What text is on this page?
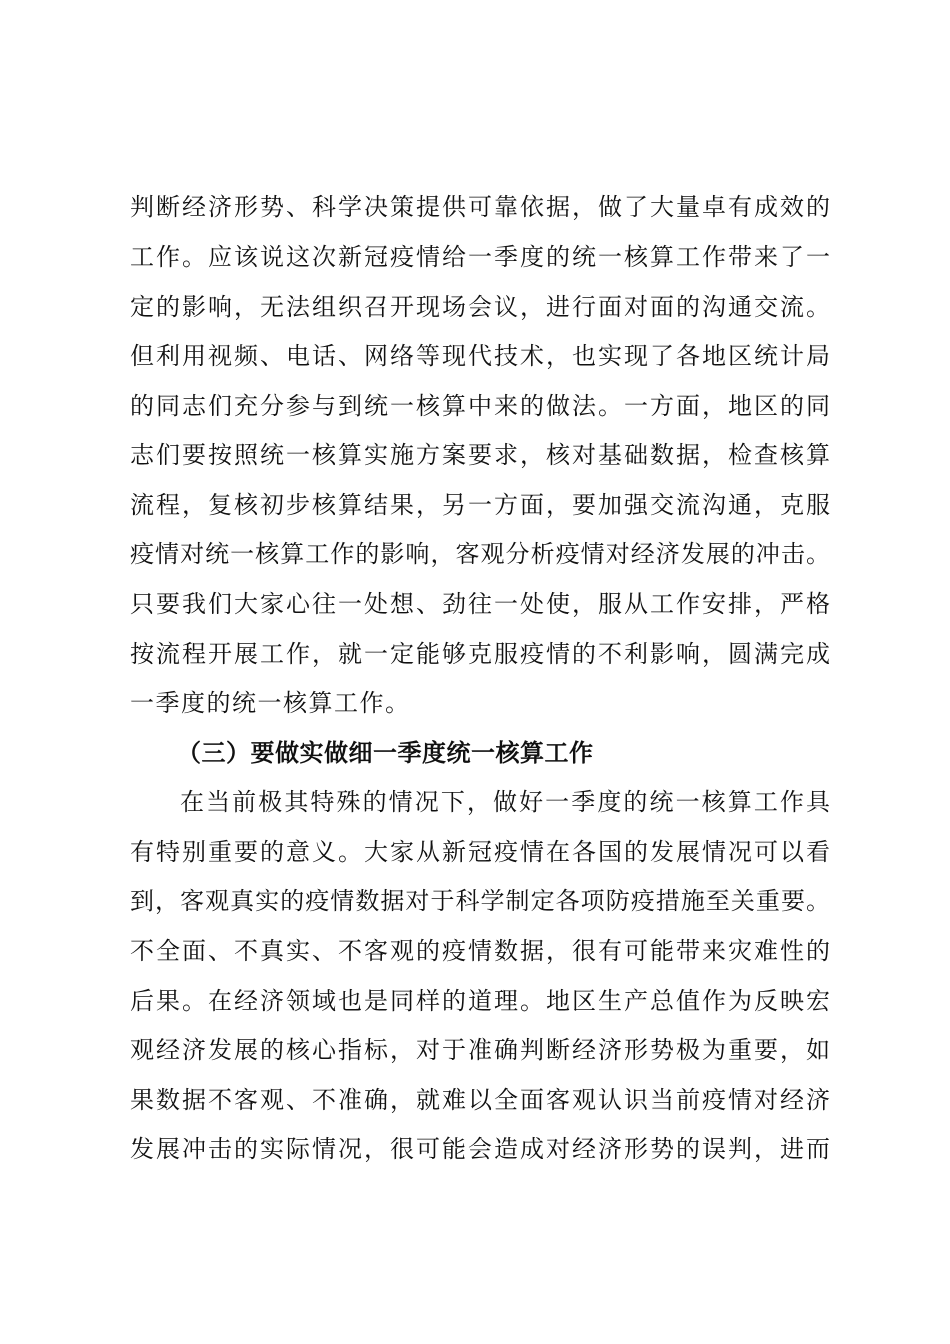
判断经济形势、科学决策提供可靠依据，做了大量卓有成效的
工作。应该说这次新冠疫情给一季度的统一核算工作带来了一
定的影响，无法组织召开现场会议，进行面对面的沟通交流。
但利用视频、电话、网络等现代技术，也实现了各地区统计局
的同志们充分参与到统一核算中来的做法。一方面，地区的同
志们要按照统一核算实施方案要求，核对基础数据，检查核算
流程，复核初步核算结果，另一方面，要加强交流沟通，克服
疫情对统一核算工作的影响，客观分析疫情对经济发展的冲击。
只要我们大家心往一处想、劲往一处使，服从工作安排，严格
按流程开展工作，就一定能够克服疫情的不利影响，圆满完成
一季度的统一核算工作。
（三）要做实做细一季度统一核算工作
在当前极其特殊的情况下，做好一季度的统一核算工作具
有特别重要的意义。大家从新冠疫情在各国的发展情况可以看
到，客观真实的疫情数据对于科学制定各项防疫措施至关重要。
不全面、不真实、不客观的疫情数据，很有可能带来灾难性的
后果。在经济领域也是同样的道理。地区生产总值作为反映宏
观经济发展的核心指标，对于准确判断经济形势极为重要，如
果数据不客观、不准确，就难以全面客观认识当前疫情对经济
发展冲击的实际情况，很可能会造成对经济形势的误判，进而
